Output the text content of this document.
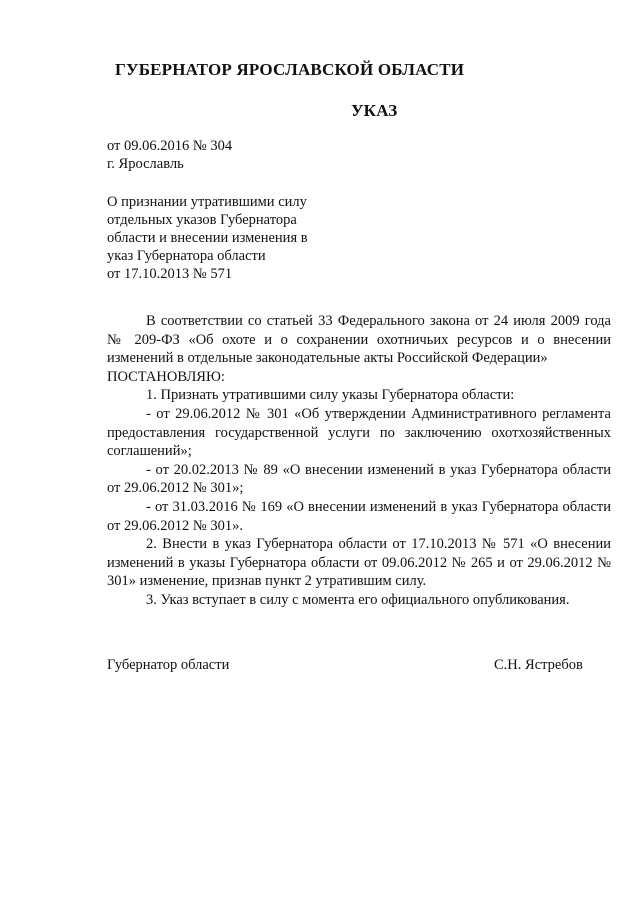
ГУБЕРНАТОР ЯРОСЛАВСКОЙ ОБЛАСТИ
УКАЗ
от 09.06.2016 № 304
г. Ярославль
О признании утратившими силу
отдельных указов Губернатора
области и внесении изменения в
указ Губернатора области
от 17.10.2013 № 571
В соответствии со статьей 33 Федерального закона от 24 июля 2009 года № 209-ФЗ «Об охоте и о сохранении охотничьих ресурсов и о внесении изменений в отдельные законодательные акты Российской Федерации»
ПОСТАНОВЛЯЮ:
1. Признать утратившими силу указы Губернатора области:
- от 29.06.2012 № 301 «Об утверждении Административного регламента предоставления государственной услуги по заключению охотхозяйственных соглашений»;
- от 20.02.2013 № 89 «О внесении изменений в указ Губернатора области от 29.06.2012 № 301»;
- от 31.03.2016 № 169 «О внесении изменений в указ Губернатора области от 29.06.2012 № 301».
2. Внести в указ Губернатора области от 17.10.2013 № 571 «О внесении изменений в указы Губернатора области от 09.06.2012 № 265 и от 29.06.2012 № 301» изменение, признав пункт 2 утратившим силу.
3. Указ вступает в силу с момента его официального опубликования.
Губернатор области	С.Н. Ястребов
